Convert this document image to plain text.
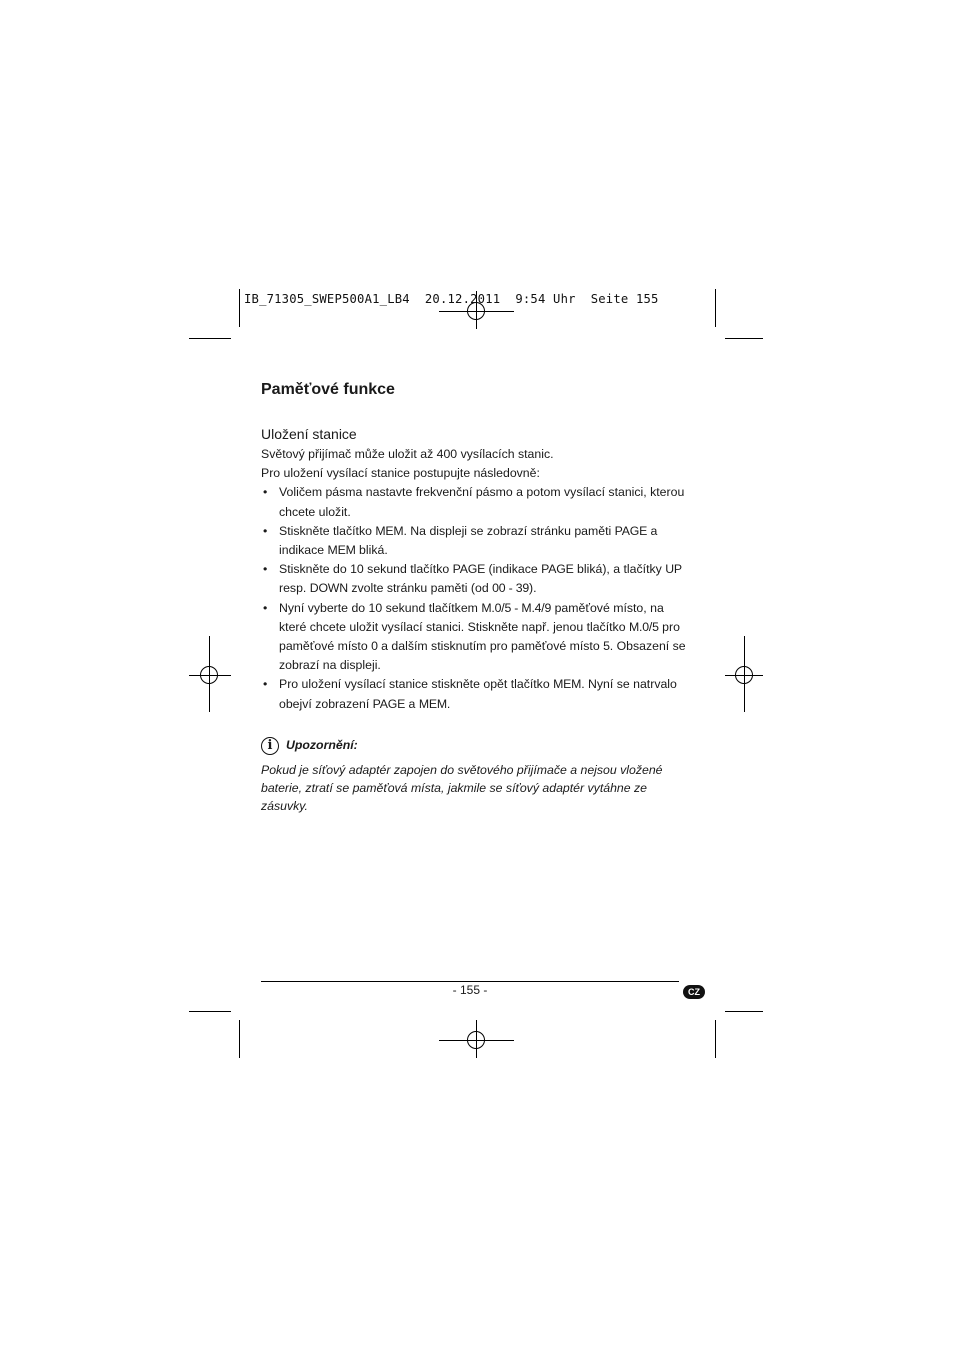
IB_71305_SWEP500A1_LB4  20.12.2011  9:54 Uhr  Seite 155
Paměťové funkce
Uložení stanice

Světový přijímač může uložit až 400 vysílacích stanic.

Pro uložení vysílací stanice postupujte následovně:

• Voličem pásma nastavte frekvenční pásmo a potom vysílací stanici, kterou chcete uložit.
• Stiskněte tlačítko MEM. Na displeji se zobrazí stránku paměti PAGE a indikace MEM bliká.
• Stiskněte do 10 sekund tlačítko PAGE (indikace PAGE bliká), a tlačítky UP resp. DOWN zvolte stránku paměti (od 00 - 39).
• Nyní vyberte do 10 sekund tlačítkem M.0/5 - M.4/9 paměťové místo, na které chcete uložit vysílací stanici. Stiskněte např. jenou tlačítko M.0/5 pro paměťové místo 0 a dalším stisknutím pro paměťové místo 5. Obsazení se zobrazí na displeji.
• Pro uložení vysílací stanice stiskněte opět tlačítko MEM. Nyní se natrvalo obejví zobrazení PAGE a MEM.
i	Upozornění:

Pokud je síťový adaptér zapojen do světového přijímače a nejsou vložené baterie, ztratí se paměťová místa, jakmile se síťový adaptér vytáhne ze zásuvky.

- 155 -	CZ
